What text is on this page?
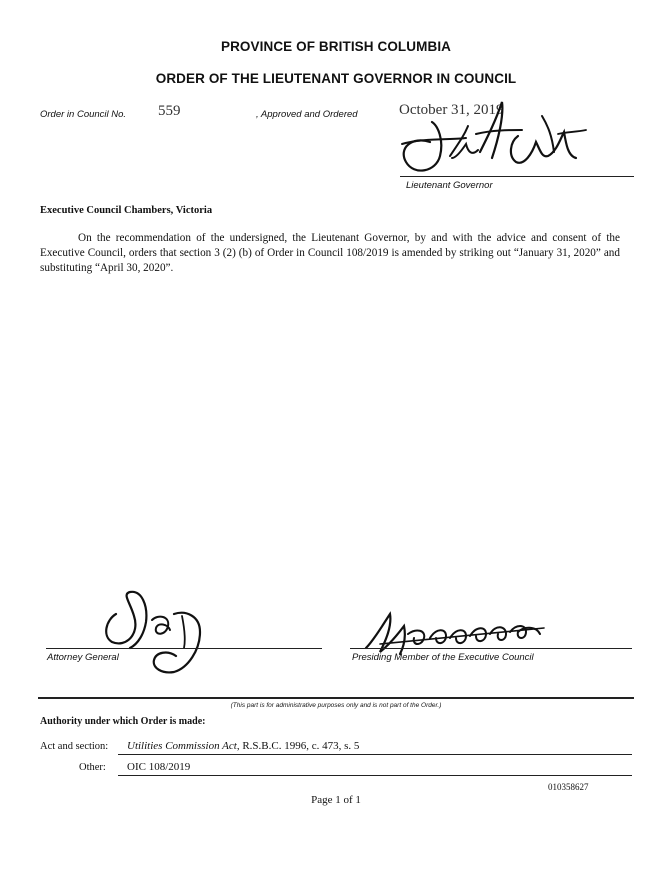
PROVINCE OF BRITISH COLUMBIA
ORDER OF THE LIEUTENANT GOVERNOR IN COUNCIL
Order in Council No. 559	, Approved and Ordered	October 31, 2019
Lieutenant Governor
Executive Council Chambers, Victoria
On the recommendation of the undersigned, the Lieutenant Governor, by and with the advice and consent of the Executive Council, orders that section 3 (2) (b) of Order in Council 108/2019 is amended by striking out “January 31, 2020” and substituting “April 30, 2020”.
Attorney General	Presiding Member of the Executive Council
(This part is for administrative purposes only and is not part of the Order.)
Authority under which Order is made:
Act and section: Utilities Commission Act, R.S.B.C. 1996, c. 473, s. 5
Other: OIC 108/2019
010358627
Page 1 of 1
